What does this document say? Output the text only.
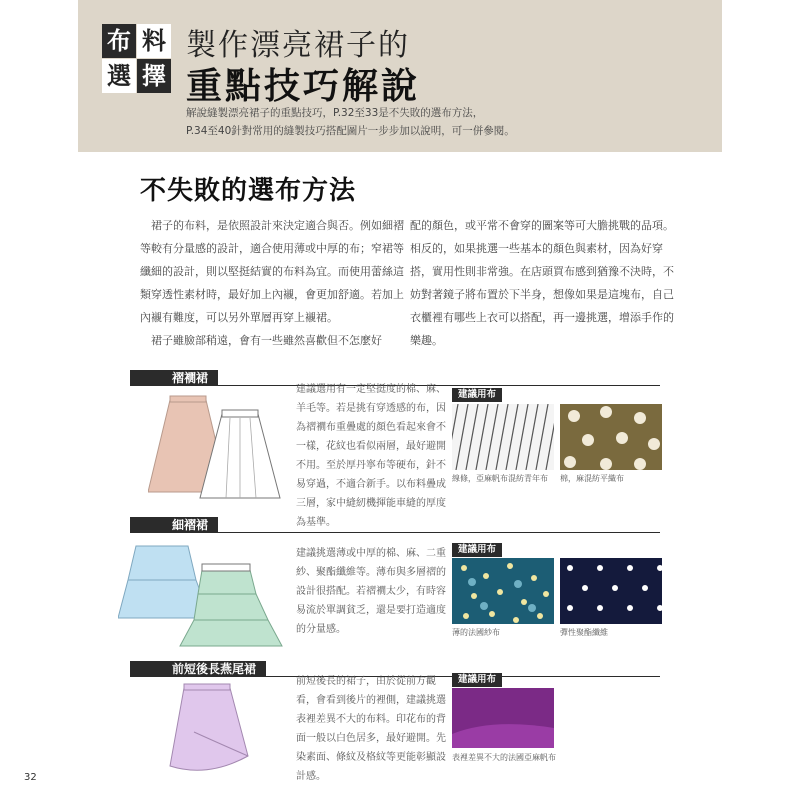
布 料
選 擇
製作漂亮裙子的
重點技巧解說
解說縫製漂亮裙子的重點技巧，P.32至33是不失敗的選布方法，
P.34至40針對常用的縫製技巧搭配圖片一步步加以說明，可一併參閱。
不失敗的選布方法

裙子的布料，是依照設計來決定適合與否。例如細褶等較有分量感的設計，適合使用薄或中厚的布；窄裙等纖細的設計，則以堅挺結實的布料為宜。而使用蕾絲這類穿透性素材時，最好加上內襯，會更加舒適。若加上內襯有難度，可以另外單層再穿上襯裙。

裙子雖臉部稍遠，會有一些雖然喜歡但不怎麼好

配的顏色，或平常不會穿的圖案等可大膽挑戰的品項。相反的，如果挑選一些基本的顏色與素材，因為好穿搭，實用性則非常強。在店頭買布感到猶豫不決時，不妨對著鏡子將布置於下半身，想像如果是這塊布，自己衣櫃裡有哪些上衣可以搭配，再一邊挑選，增添手作的樂趣。

褶襉裙
建議選用有一定堅挺度的棉、麻、羊毛等。若是挑有穿透感的布，因為褶襉布重疊處的顏色看起來會不一樣，花紋也看似兩層，最好避開不用。至於厚丹寧布等硬布，針不易穿過，不適合新手。以布料疊成三層，家中縫紉機揮能車縫的厚度為基準。
建議用布
線條，亞麻帆布混紡青年布 棉，麻混紡平織布
細褶裙
建議挑選薄或中厚的棉、麻、二重紗、聚酯纖維等。薄布與多層褶的設計很搭配。若褶襉太少，有時容易流於單調貧乏，還是要打造適度的分量感。
建議用布
薄的法國紗布	彈性聚酯纖維
前短後長燕尾裙
前短後長的裙子，由於從前方觀看，會看到後片的裡側，建議挑選表裡差異不大的布料。印花布的背面一般以白色居多，最好避開。先染素面、條紋及格紋等更能彰顯設計感。
建議用布
表裡差異不大的法國亞麻帆布
32
